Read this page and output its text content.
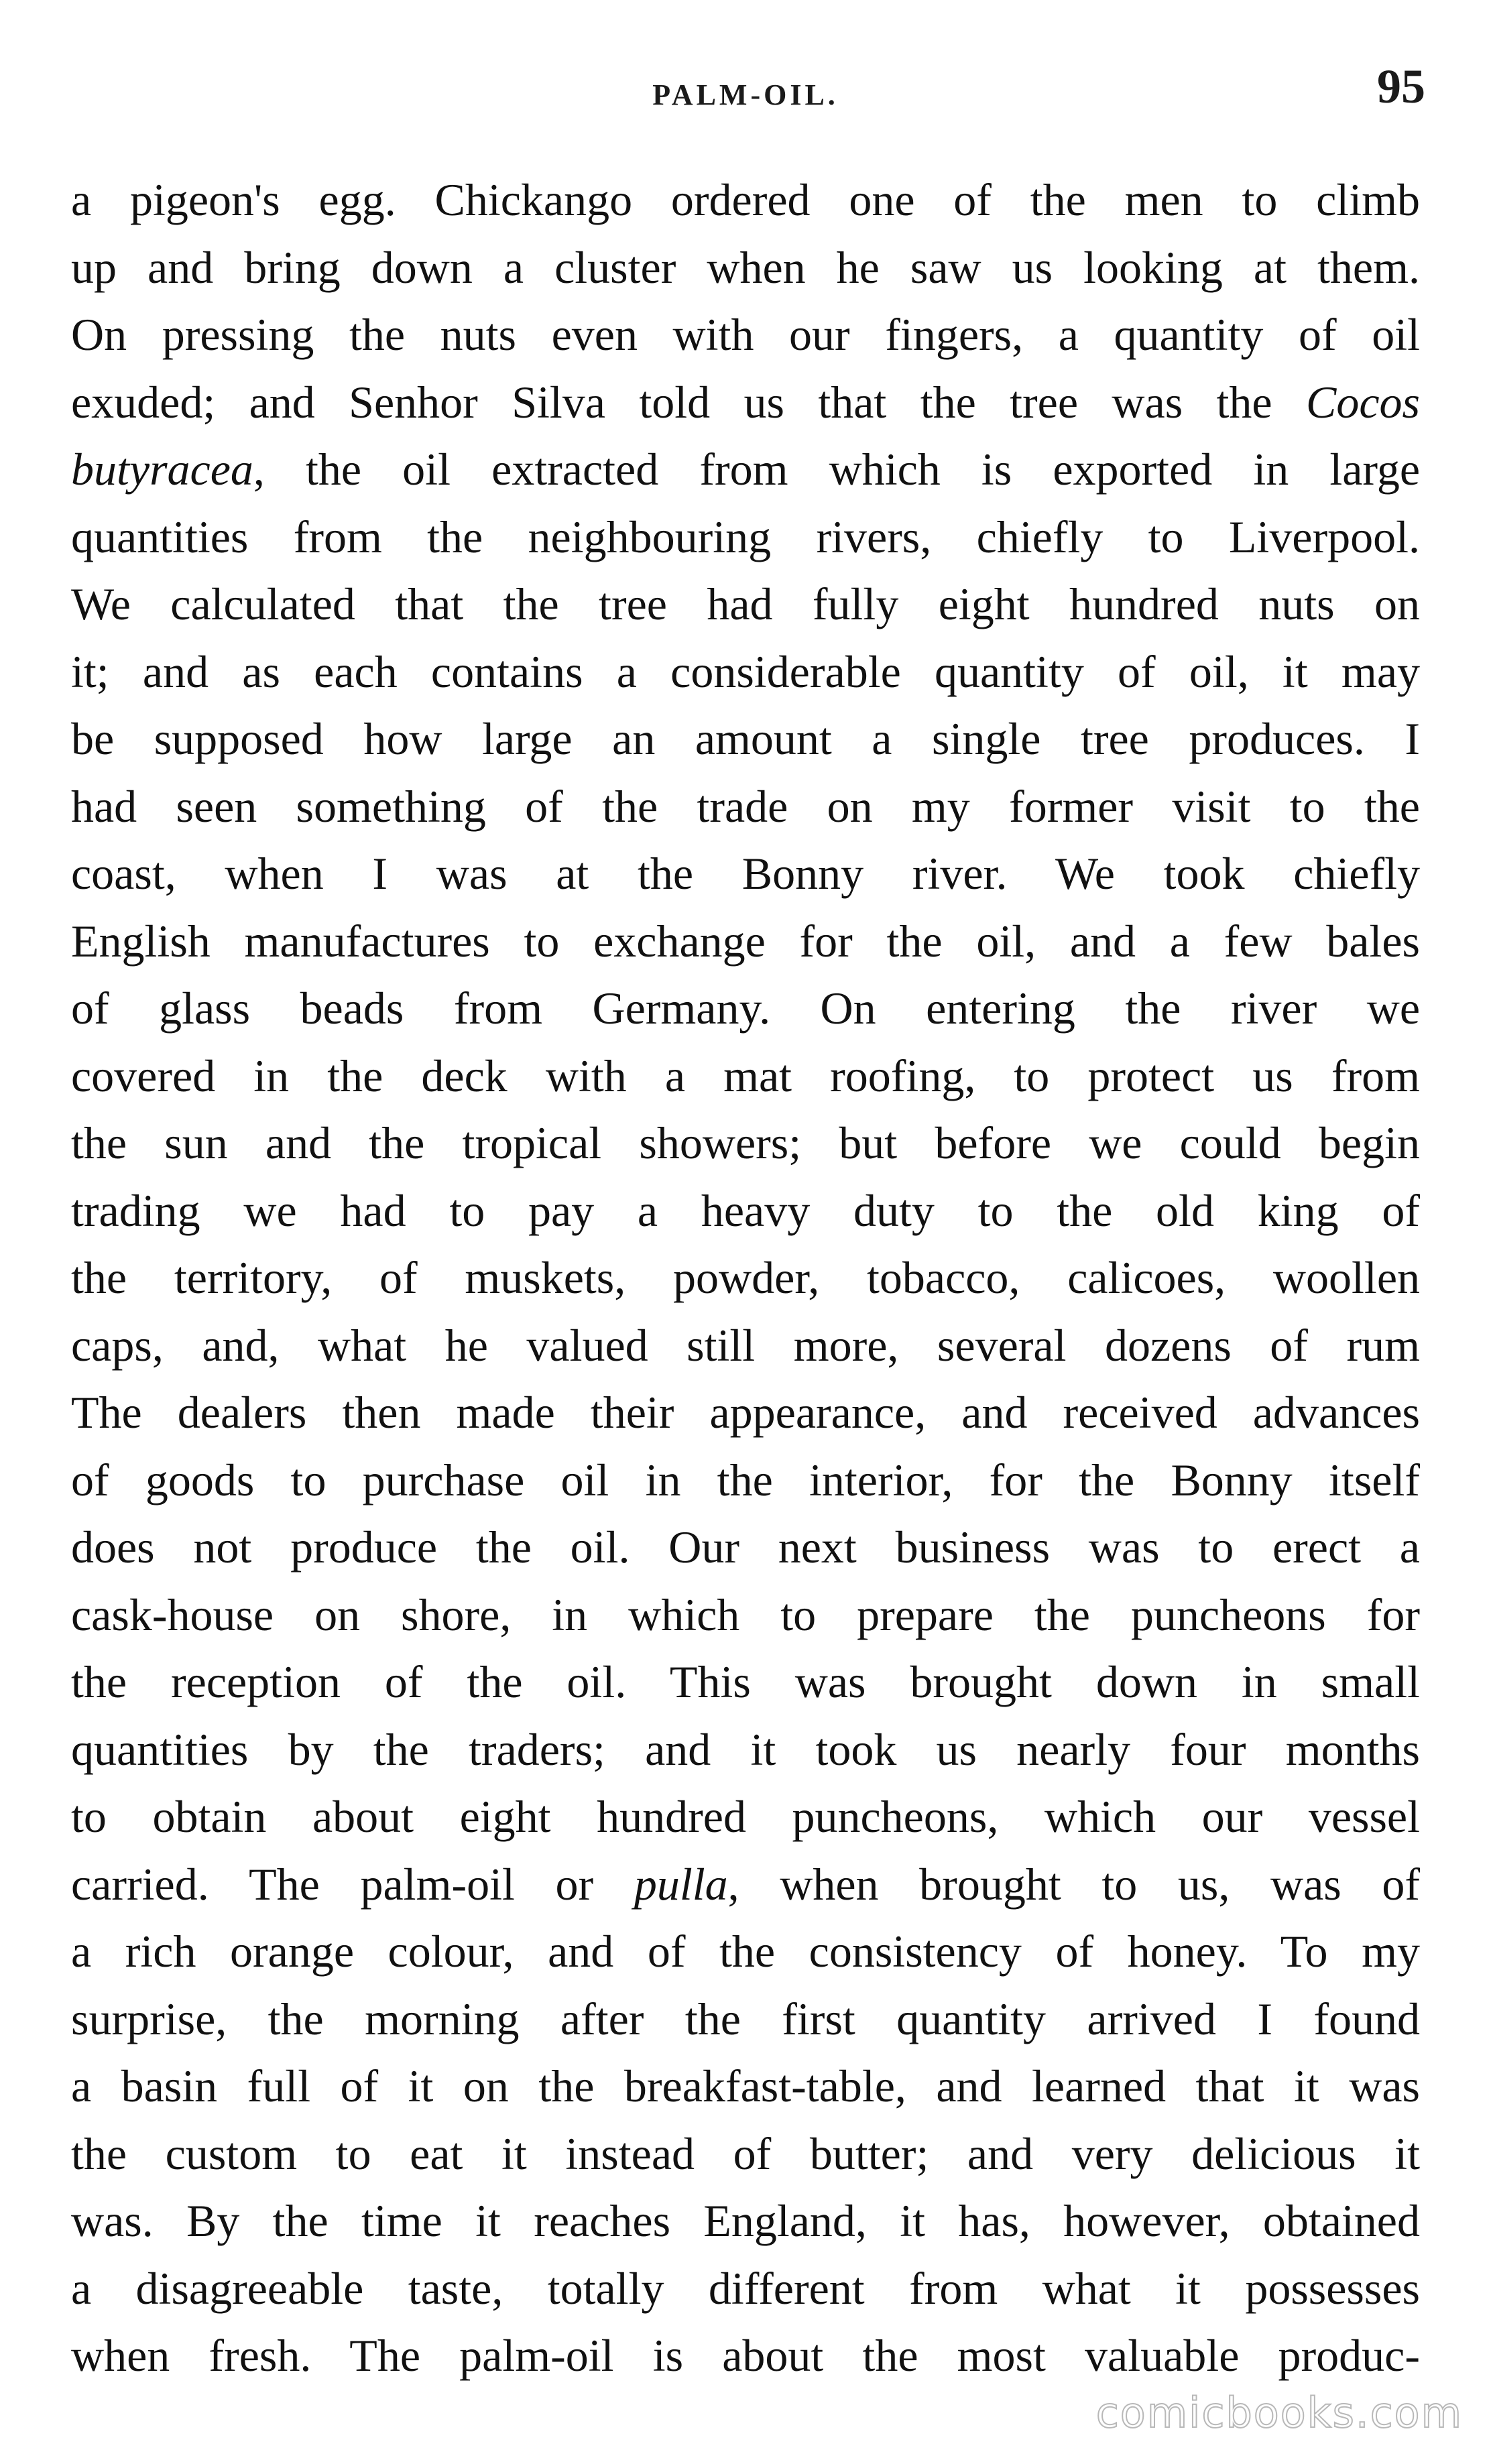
PALM-OIL.	95
a pigeon's egg. Chickango ordered one of the men to climb
up and bring down a cluster when he saw us looking at them.
On pressing the nuts even with our fingers, a quantity of oil
exuded; and Senhor Silva told us that the tree was the Cocos
butyracea, the oil extracted from which is exported in large
quantities from the neighbouring rivers, chiefly to Liverpool.
We calculated that the tree had fully eight hundred nuts on
it; and as each contains a considerable quantity of oil, it may
be supposed how large an amount a single tree produces. I
had seen something of the trade on my former visit to the
coast, when I was at the Bonny river. We took chiefly
English manufactures to exchange for the oil, and a few bales
of glass beads from Germany. On entering the river we
covered in the deck with a mat roofing, to protect us from
the sun and the tropical showers; but before we could begin
trading we had to pay a heavy duty to the old king of
the territory, of muskets, powder, tobacco, calicoes, woollen
caps, and, what he valued still more, several dozens of rum
The dealers then made their appearance, and received advances
of goods to purchase oil in the interior, for the Bonny itself
does not produce the oil. Our next business was to erect a
cask-house on shore, in which to prepare the puncheons for
the reception of the oil. This was brought down in small
quantities by the traders; and it took us nearly four months
to obtain about eight hundred puncheons, which our vessel
carried. The palm-oil or pulla, when brought to us, was of
a rich orange colour, and of the consistency of honey. To my
surprise, the morning after the first quantity arrived I found
a basin full of it on the breakfast-table, and learned that it was
the custom to eat it instead of butter; and very delicious it
was. By the time it reaches England, it has, however, obtained
a disagreeable taste, totally different from what it possesses
when fresh. The palm-oil is about the most valuable produc-
comicbooks.com
